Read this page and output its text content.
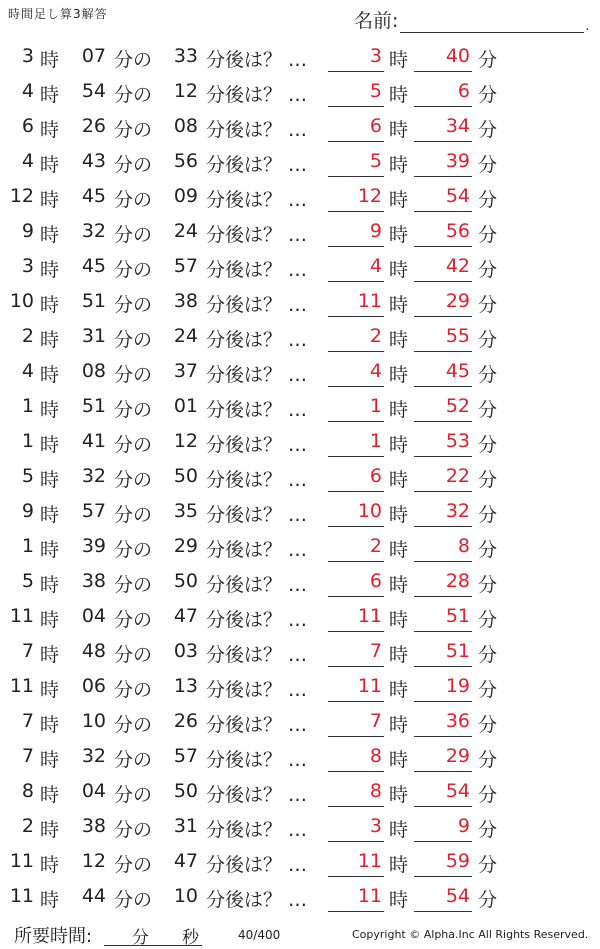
時間足し算3解答	名前:	.
3 時	07 分の	33 分後は？ …	3 時	40 分
4 時	54 分の	12 分後は？ …	5 時	6 分
6 時	26 分の	08 分後は？ …	6 時	34 分
4 時	43 分の	56 分後は？ …	5 時	39 分
12 時	45 分の	09 分後は？ …	12 時	54 分
9 時	32 分の	24 分後は？ …	9 時	56 分
3 時	45 分の	57 分後は？ …	4 時	42 分
10 時	51 分の	38 分後は？ …	11 時	29 分
2 時	31 分の	24 分後は？ …	2 時	55 分
4 時	08 分の	37 分後は？ …	4 時	45 分
1 時	51 分の	01 分後は？ …	1 時	52 分
1 時	41 分の	12 分後は？ …	1 時	53 分
5 時	32 分の	50 分後は？ …	6 時	22 分
9 時	57 分の	35 分後は？ …	10 時	32 分
1 時	39 分の	29 分後は？ …	2 時	8 分
5 時	38 分の	50 分後は？ …	6 時	28 分
11 時	04 分の	47 分後は？ …	11 時	51 分
7 時	48 分の	03 分後は？ …	7 時	51 分
11 時	06 分の	13 分後は？ …	11 時	19 分
7 時	10 分の	26 分後は？ …	7 時	36 分
7 時	32 分の	57 分後は？ …	8 時	29 分
8 時	04 分の	50 分後は？ …	8 時	54 分
2 時	38 分の	31 分後は？ …	3 時	9 分
11 時	12 分の	47 分後は？ …	11 時	59 分
11 時	44 分の	10 分後は？ …	11 時	54 分
所要時間: 分 秒	40/400	Copyright © Alpha.Inc All Rights Reserved.
